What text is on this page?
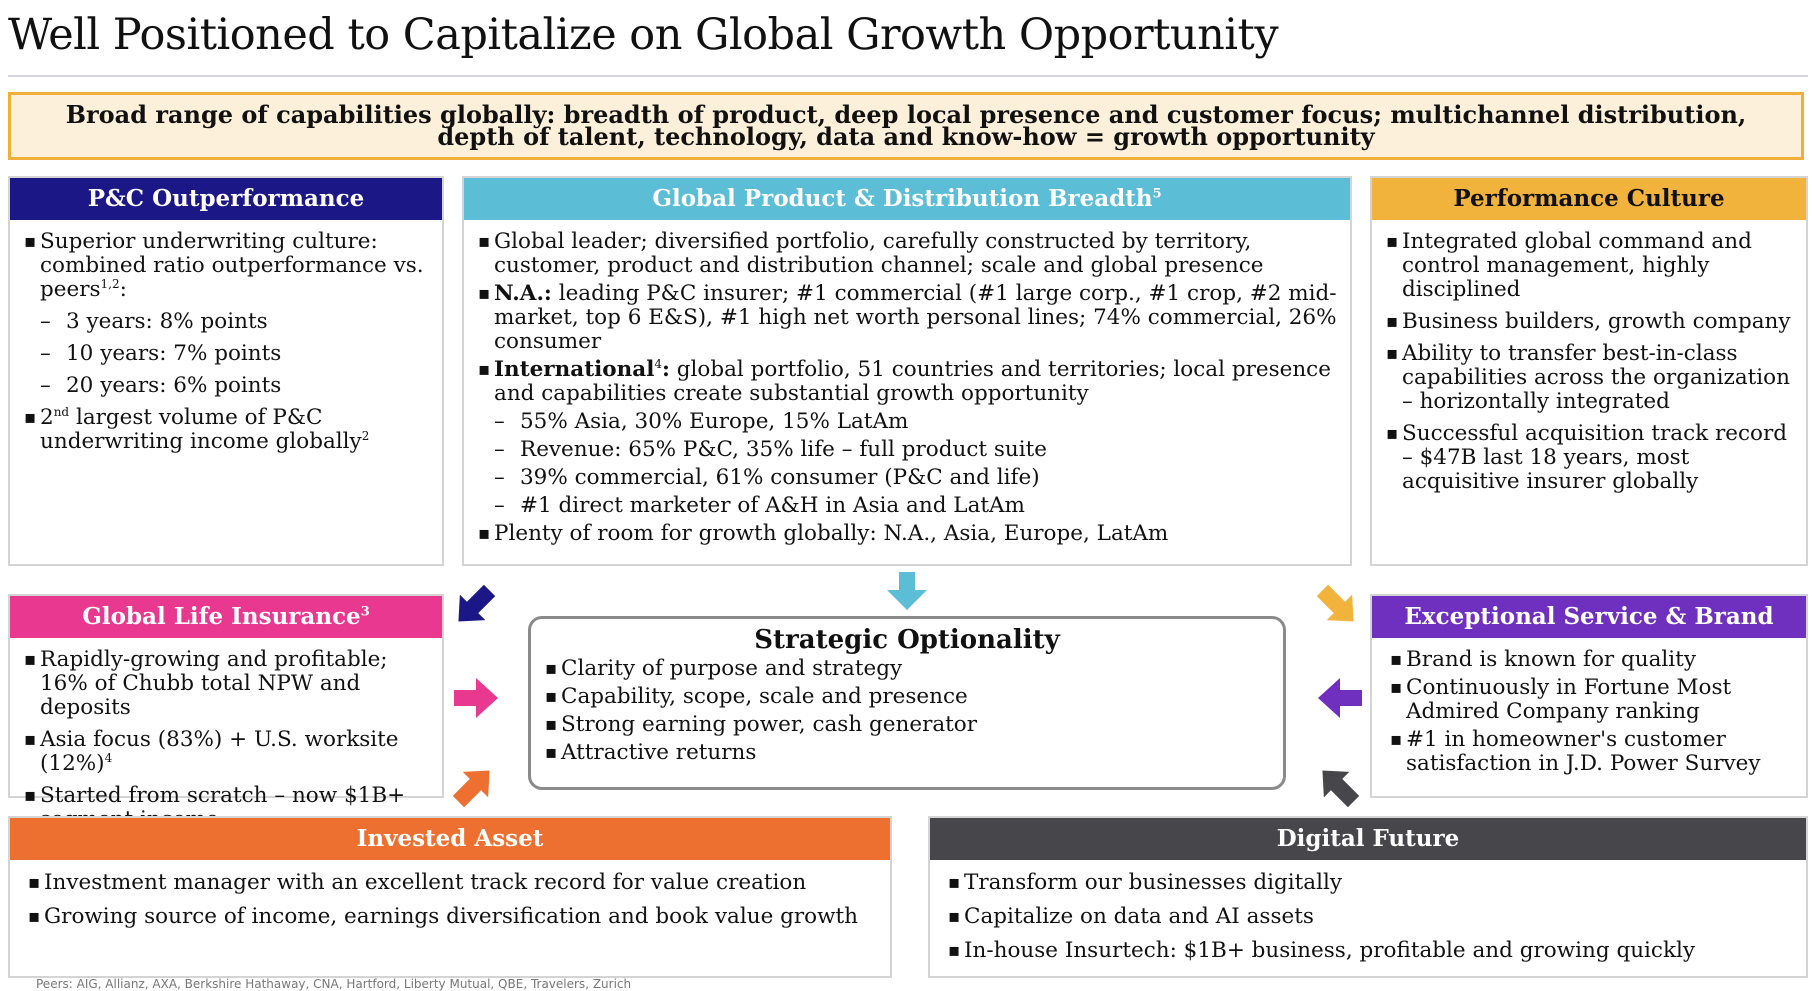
Well Positioned to Capitalize on Global Growth Opportunity
Broad range of capabilities globally: breadth of product, deep local presence and customer focus; multichannel distribution, depth of talent, technology, data and know-how = growth opportunity
P&C Outperformance
▪ Superior underwriting culture: combined ratio outperformance vs. peers$^{1,2}$:
– 3 years: 8% points
– 10 years: 7% points
– 20 years: 6% points
▪ 2nd largest volume of P&C underwriting income globally$^2$
Global Product & Distribution Breadth$^5$
▪ Global leader; diversified portfolio, carefully constructed by territory, customer, product and distribution channel; scale and global presence
▪ N.A.: leading P&C insurer; #1 commercial (#1 large corp., #1 crop, #2 mid-market, top 6 E&S), #1 high net worth personal lines; 74% commercial, 26% consumer
▪ International$^4$: global portfolio, 51 countries and territories; local presence and capabilities create substantial growth opportunity
– 55% Asia, 30% Europe, 15% LatAm
– Revenue: 65% P&C, 35% life – full product suite
– 39% commercial, 61% consumer (P&C and life)
– #1 direct marketer of A&H in Asia and LatAm
▪ Plenty of room for growth globally: N.A., Asia, Europe, LatAm
Performance Culture
▪ Integrated global command and control management, highly disciplined
▪ Business builders, growth company
▪ Ability to transfer best-in-class capabilities across the organization – horizontally integrated
▪ Successful acquisition track record – $47B last 18 years, most acquisitive insurer globally
Global Life Insurance$^3$
▪ Rapidly-growing and profitable; 16% of Chubb total NPW and deposits
▪ Asia focus (83%) + U.S. worksite $(12\%)^4$
▪ Started from scratch – now $1B+
Strategic Optionality
▪ Clarity of purpose and strategy
▪ Capability, scope, scale and presence
▪ Strong earning power, cash generator
▪ Attractive returns
Exceptional Service & Brand
▪ Brand is known for quality
▪ Continuously in Fortune Most Admired Company ranking
▪ #1 in homeowner's customer satisfaction in J.D. Power Survey
Invested Asset
▪ Investment manager with an excellent track record for value creation
▪ Growing source of income, earnings diversification and book value growth
Digital Future
▪ Transform our businesses digitally
▪ Capitalize on data and AI assets
▪ In-house Insurtech: $1B+ business, profitable and growing quickly
Peers: AIG, Allianz, AXA, Berkshire Hathaway, CNA, Hartford, Liberty Mutual, QBE, Travelers, Zurich
